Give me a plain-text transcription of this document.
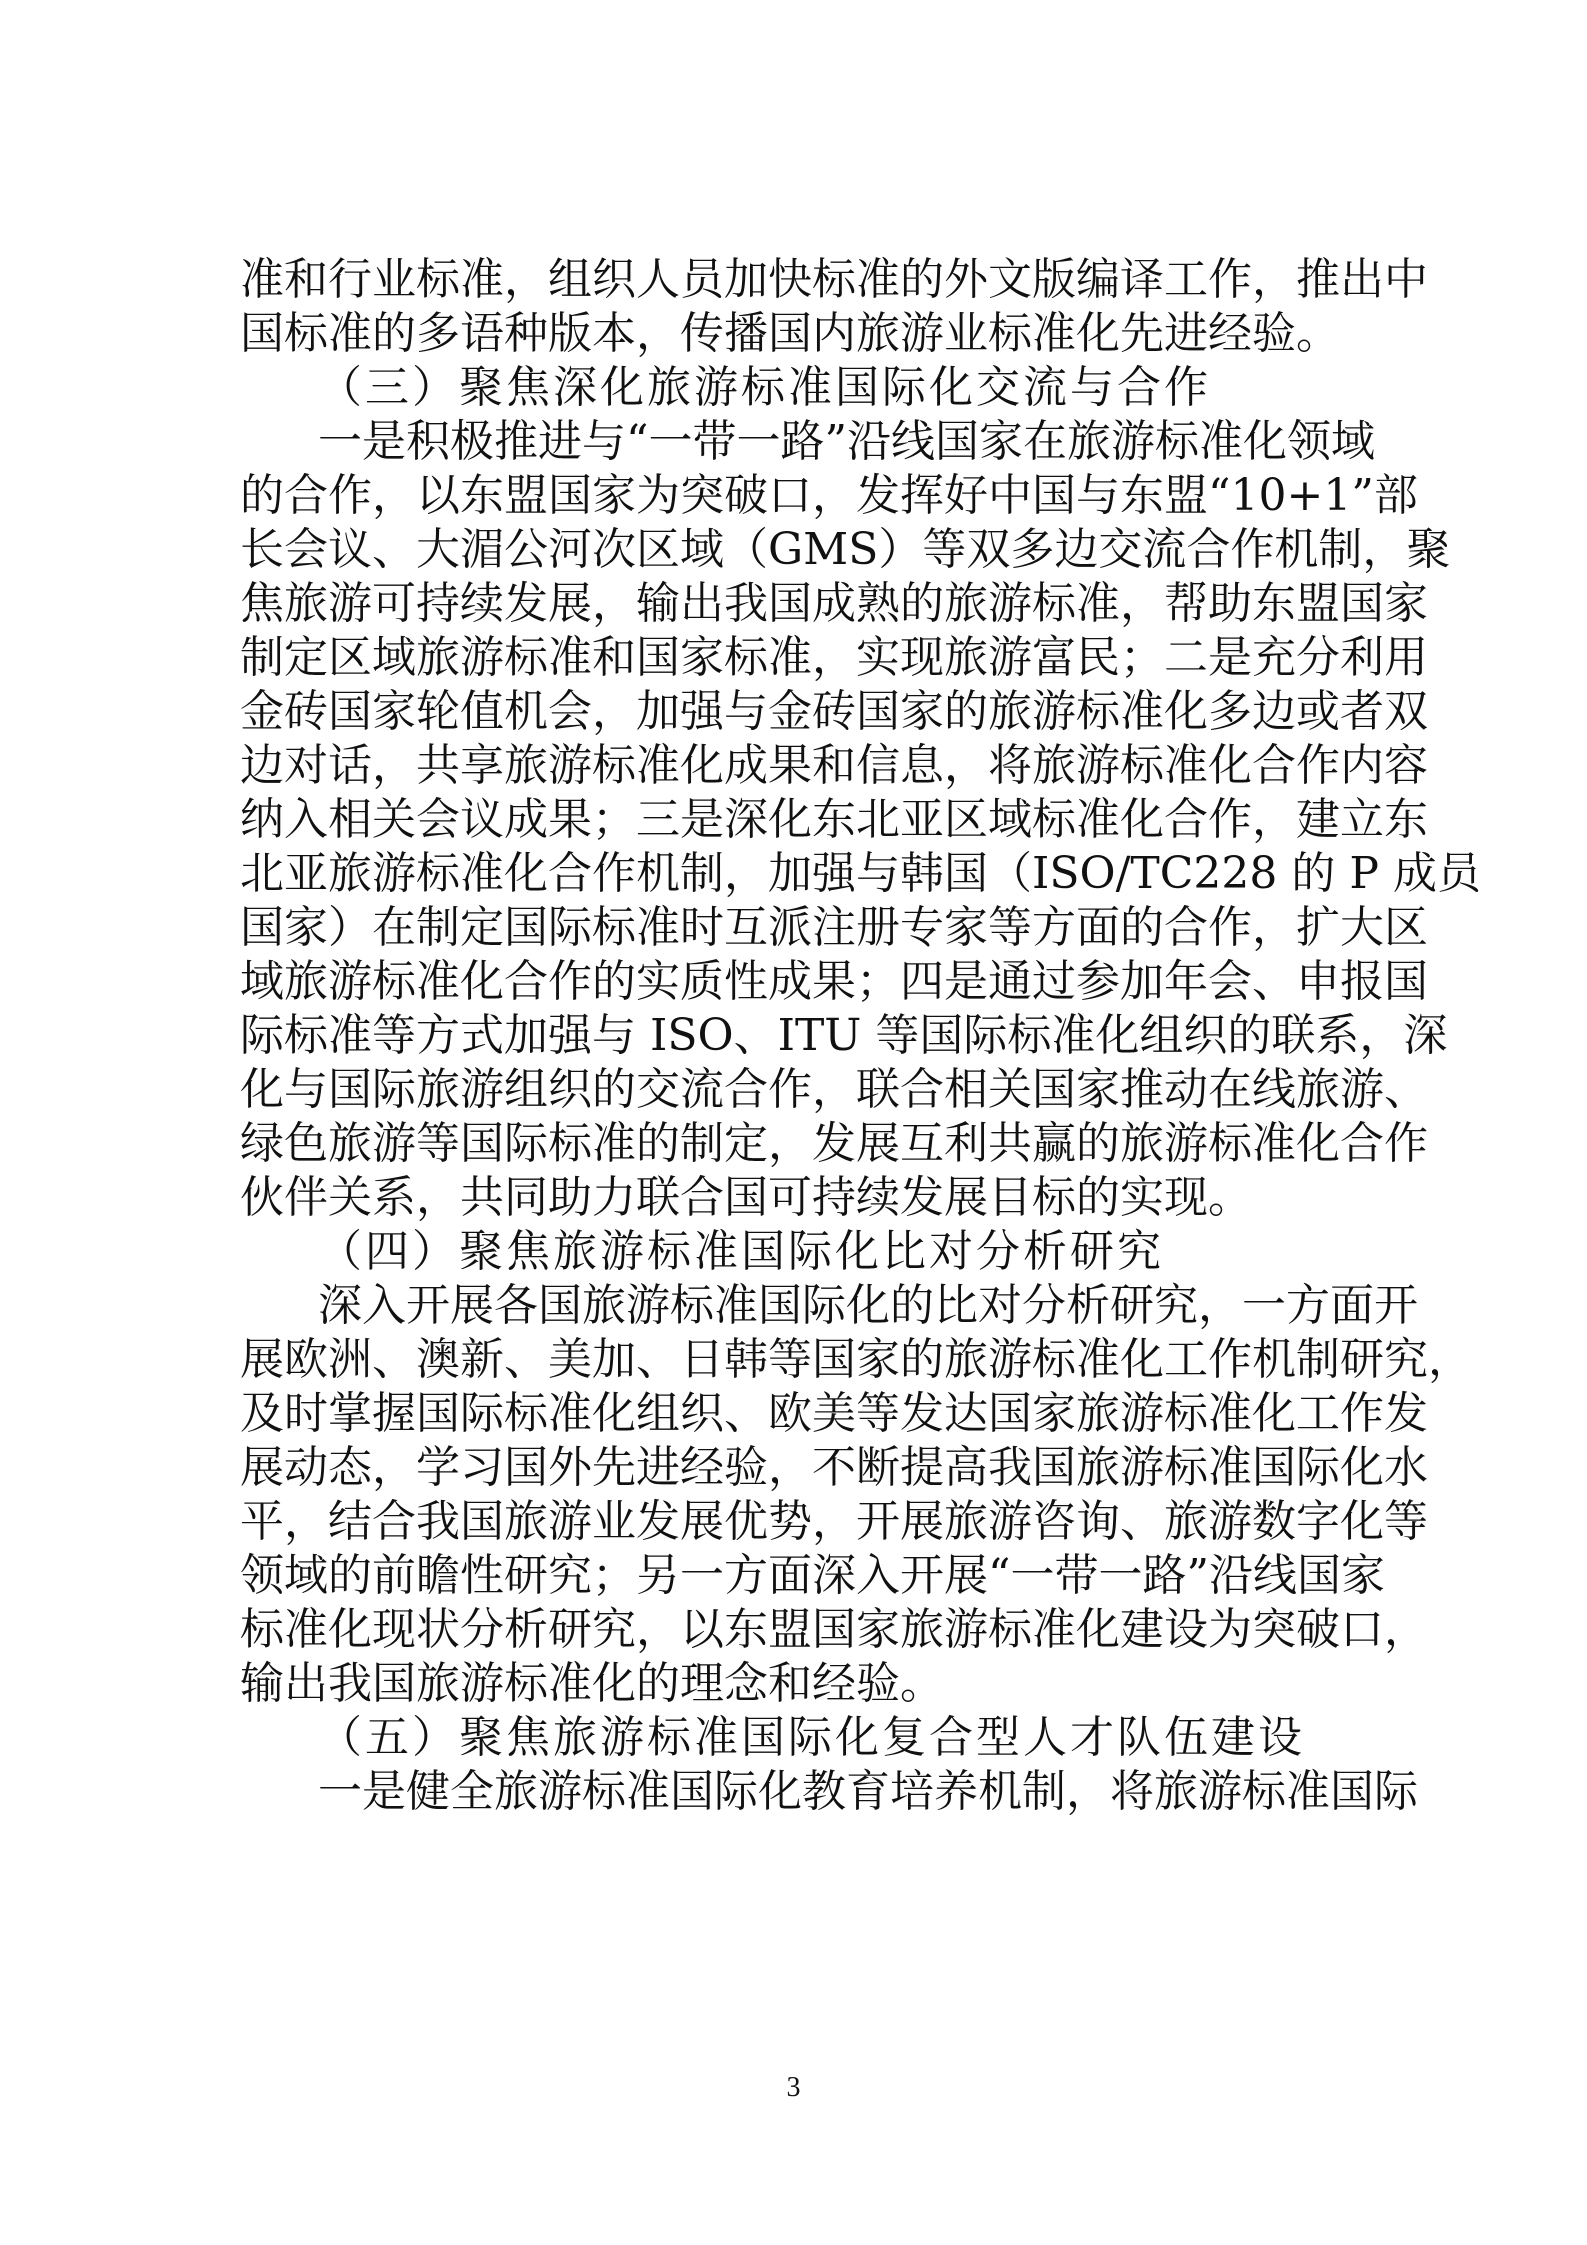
准和行业标准，组织人员加快标准的外文版编译工作，推出中
国标准的多语种版本，传播国内旅游业标准化先进经验。
（三）聚焦深化旅游标准国际化交流与合作
一是积极推进与“一带一路”沿线国家在旅游标准化领域
的合作，以东盟国家为突破口，发挥好中国与东盟“10+1”部
长会议、大湄公河次区域（GMS）等双多边交流合作机制，聚
焦旅游可持续发展，输出我国成熟的旅游标准，帮助东盟国家
制定区域旅游标准和国家标准，实现旅游富民；二是充分利用
金砖国家轮值机会，加强与金砖国家的旅游标准化多边或者双
边对话，共享旅游标准化成果和信息，将旅游标准化合作内容
纳入相关会议成果；三是深化东北亚区域标准化合作，建立东
北亚旅游标准化合作机制，加强与韩国（ISO/TC228 的 P 成员
国家）在制定国际标准时互派注册专家等方面的合作，扩大区
域旅游标准化合作的实质性成果；四是通过参加年会、申报国
际标准等方式加强与 ISO、ITU 等国际标准化组织的联系，深
化与国际旅游组织的交流合作，联合相关国家推动在线旅游、
绿色旅游等国际标准的制定，发展互利共赢的旅游标准化合作
伙伴关系，共同助力联合国可持续发展目标的实现。
（四）聚焦旅游标准国际化比对分析研究
深入开展各国旅游标准国际化的比对分析研究，一方面开
展欧洲、澳新、美加、日韩等国家的旅游标准化工作机制研究，
及时掌握国际标准化组织、欧美等发达国家旅游标准化工作发
展动态，学习国外先进经验，不断提高我国旅游标准国际化水
平，结合我国旅游业发展优势，开展旅游咨询、旅游数字化等
领域的前瞻性研究；另一方面深入开展“一带一路”沿线国家
标准化现状分析研究，以东盟国家旅游标准化建设为突破口，
输出我国旅游标准化的理念和经验。
（五）聚焦旅游标准国际化复合型人才队伍建设
一是健全旅游标准国际化教育培养机制，将旅游标准国际
3
